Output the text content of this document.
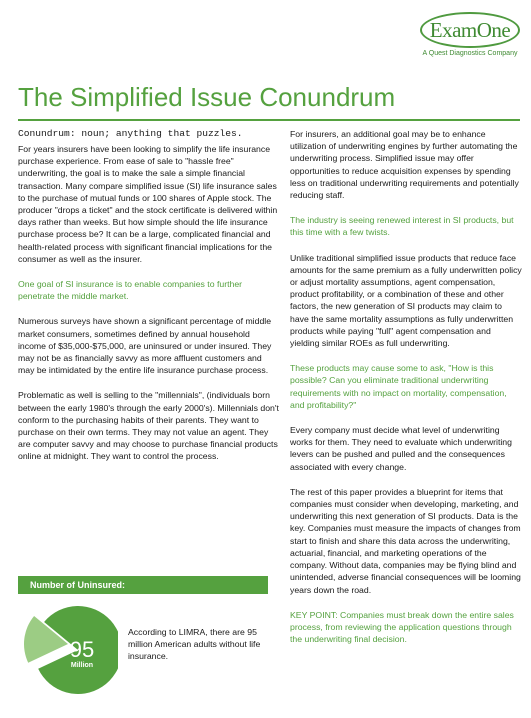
ExamOne
A Quest Diagnostics Company
The Simplified Issue Conundrum

Conundrum: noun; anything that puzzles.

For years insurers have been looking to simplify the life insurance purchase experience. From ease of sale to "hassle free" underwriting, the goal is to make the sale a simple financial transaction. Many compare simplified issue (SI) life insurance sales to the purchase of mutual funds or 100 shares of Apple stock. The producer "drops a ticket" and the stock certificate is delivered within days rather than weeks. But how simple should the life insurance purchase process be? It can be a large, complicated financial and health-related process with significant financial implications for the consumer as well as the insurer.

One goal of SI insurance is to enable companies to further penetrate the middle market.

Numerous surveys have shown a significant percentage of middle market consumers, sometimes defined by annual household income of $35,000-$75,000, are uninsured or under insured. They may not be as financially savvy as more affluent customers and may be intimidated by the entire life insurance purchase process.

Problematic as well is selling to the "millennials", (individuals born between the early 1980's through the early 2000's). Millennials don't conform to the purchasing habits of their parents. They want to purchase on their own terms. They may not value an agent. They are computer savvy and may choose to purchase financial products online at midnight. They want to control the process.

Number of Uninsured:
95
Million
According to LIMRA, there are 95 million American adults without life insurance.

For insurers, an additional goal may be to enhance utilization of underwriting engines by further automating the underwriting process. Simplified issue may offer opportunities to reduce acquisition expenses by spending less on traditional underwriting requirements and potentially reducing staff.

The industry is seeing renewed interest in SI products, but this time with a few twists.

Unlike traditional simplified issue products that reduce face amounts for the same premium as a fully underwritten policy or adjust mortality assumptions, agent compensation, product profitability, or a combination of these and other factors, the new generation of SI products may claim to have the same mortality assumptions as fully underwritten products while paying "full" agent compensation and yielding similar ROEs as full underwriting.

These products may cause some to ask, "How is this possible? Can you eliminate traditional underwriting requirements with no impact on mortality, compensation, and profitability?"

Every company must decide what level of underwriting works for them. They need to evaluate which underwriting levers can be pushed and pulled and the consequences associated with every change.

The rest of this paper provides a blueprint for items that companies must consider when developing, marketing, and underwriting this next generation of SI products. Data is the key. Companies must measure the impacts of changes from start to finish and share this data across the underwriting, actuarial, financial, and marketing operations of the company. Without data, companies may be flying blind and unintended, adverse financial consequences will be looming years down the road.

KEY POINT: Companies must break down the entire sales process, from reviewing the application questions through the underwriting final decision.
